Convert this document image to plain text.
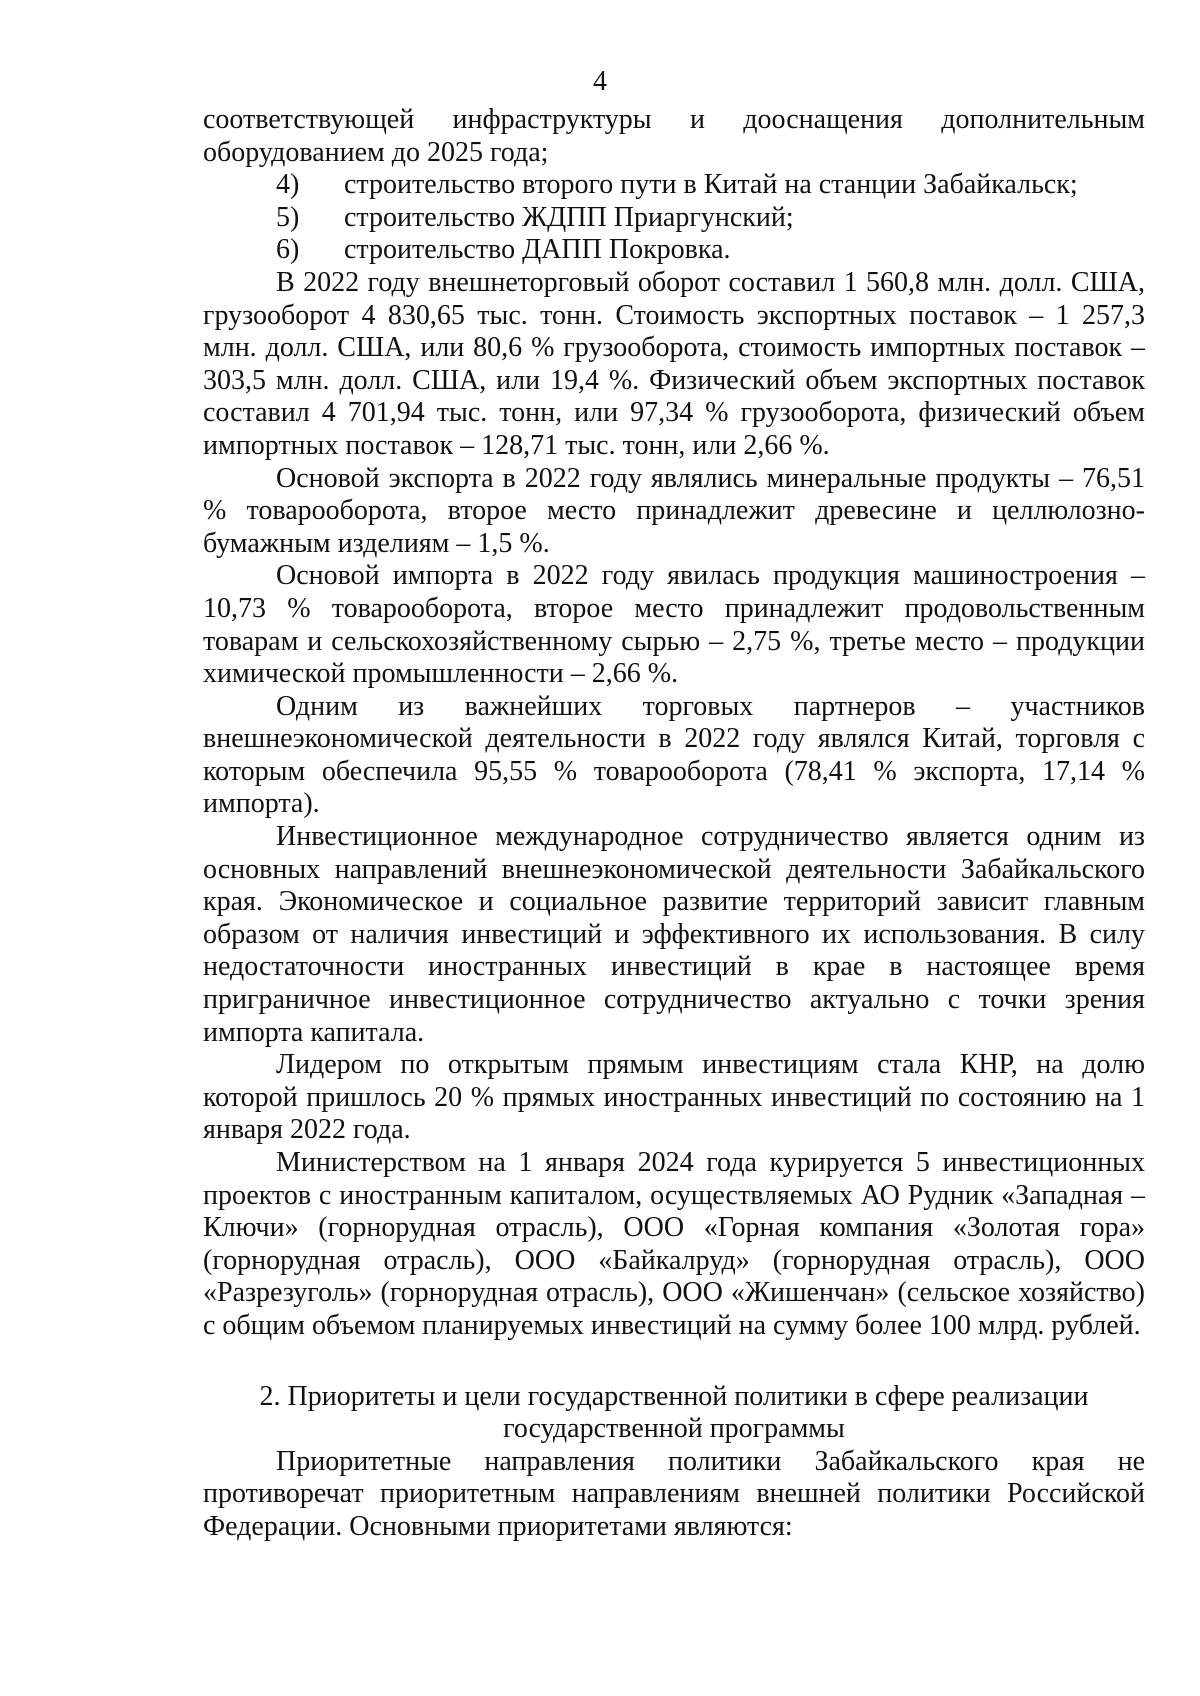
4

соответствующей инфраструктуры и дооснащения дополнительным оборудованием до 2025 года;

4)	строительство второго пути в Китай на станции Забайкальск;
5)	строительство ЖДПП Приаргунский;
6)	строительство ДАПП Покровка.

В 2022 году внешнеторговый оборот составил 1 560,8 млн. долл. США, грузооборот 4 830,65 тыс. тонн. Стоимость экспортных поставок – 1 257,3 млн. долл. США, или 80,6 % грузооборота, стоимость импортных поставок – 303,5 млн. долл. США, или 19,4 %. Физический объем экспортных поставок составил 4 701,94 тыс. тонн, или 97,34 % грузооборота, физический объем импортных поставок – 128,71 тыс. тонн, или 2,66 %.

Основой экспорта в 2022 году являлись минеральные продукты – 76,51 % товарооборота, второе место принадлежит древесине и целлюлозно-бумажным изделиям – 1,5 %.

Основой импорта в 2022 году явилась продукция машиностроения – 10,73 % товарооборота, второе место принадлежит продовольственным товарам и сельскохозяйственному сырью – 2,75 %, третье место – продукции химической промышленности – 2,66 %.

Одним из важнейших торговых партнеров – участников внешнеэкономической деятельности в 2022 году являлся Китай, торговля с которым обеспечила 95,55 % товарооборота (78,41 % экспорта, 17,14 % импорта).

Инвестиционное международное сотрудничество является одним из основных направлений внешнеэкономической деятельности Забайкальского края. Экономическое и социальное развитие территорий зависит главным образом от наличия инвестиций и эффективного их использования. В силу недостаточности иностранных инвестиций в крае в настоящее время приграничное инвестиционное сотрудничество актуально с точки зрения импорта капитала.

Лидером по открытым прямым инвестициям стала КНР, на долю которой пришлось 20 % прямых иностранных инвестиций по состоянию на 1 января 2022 года.

Министерством на 1 января 2024 года курируется 5 инвестиционных проектов с иностранным капиталом, осуществляемых АО Рудник «Западная – Ключи» (горнорудная отрасль), ООО «Горная компания «Золотая гора» (горнорудная отрасль), ООО «Байкалруд» (горнорудная отрасль), ООО «Разрезуголь» (горнорудная отрасль), ООО «Жишенчан» (сельское хозяйство) с общим объемом планируемых инвестиций на сумму более 100 млрд. рублей.

2. Приоритеты и цели государственной политики в сфере реализации
государственной программы

Приоритетные направления политики Забайкальского края не противоречат приоритетным направлениям внешней политики Российской Федерации. Основными приоритетами являются:
